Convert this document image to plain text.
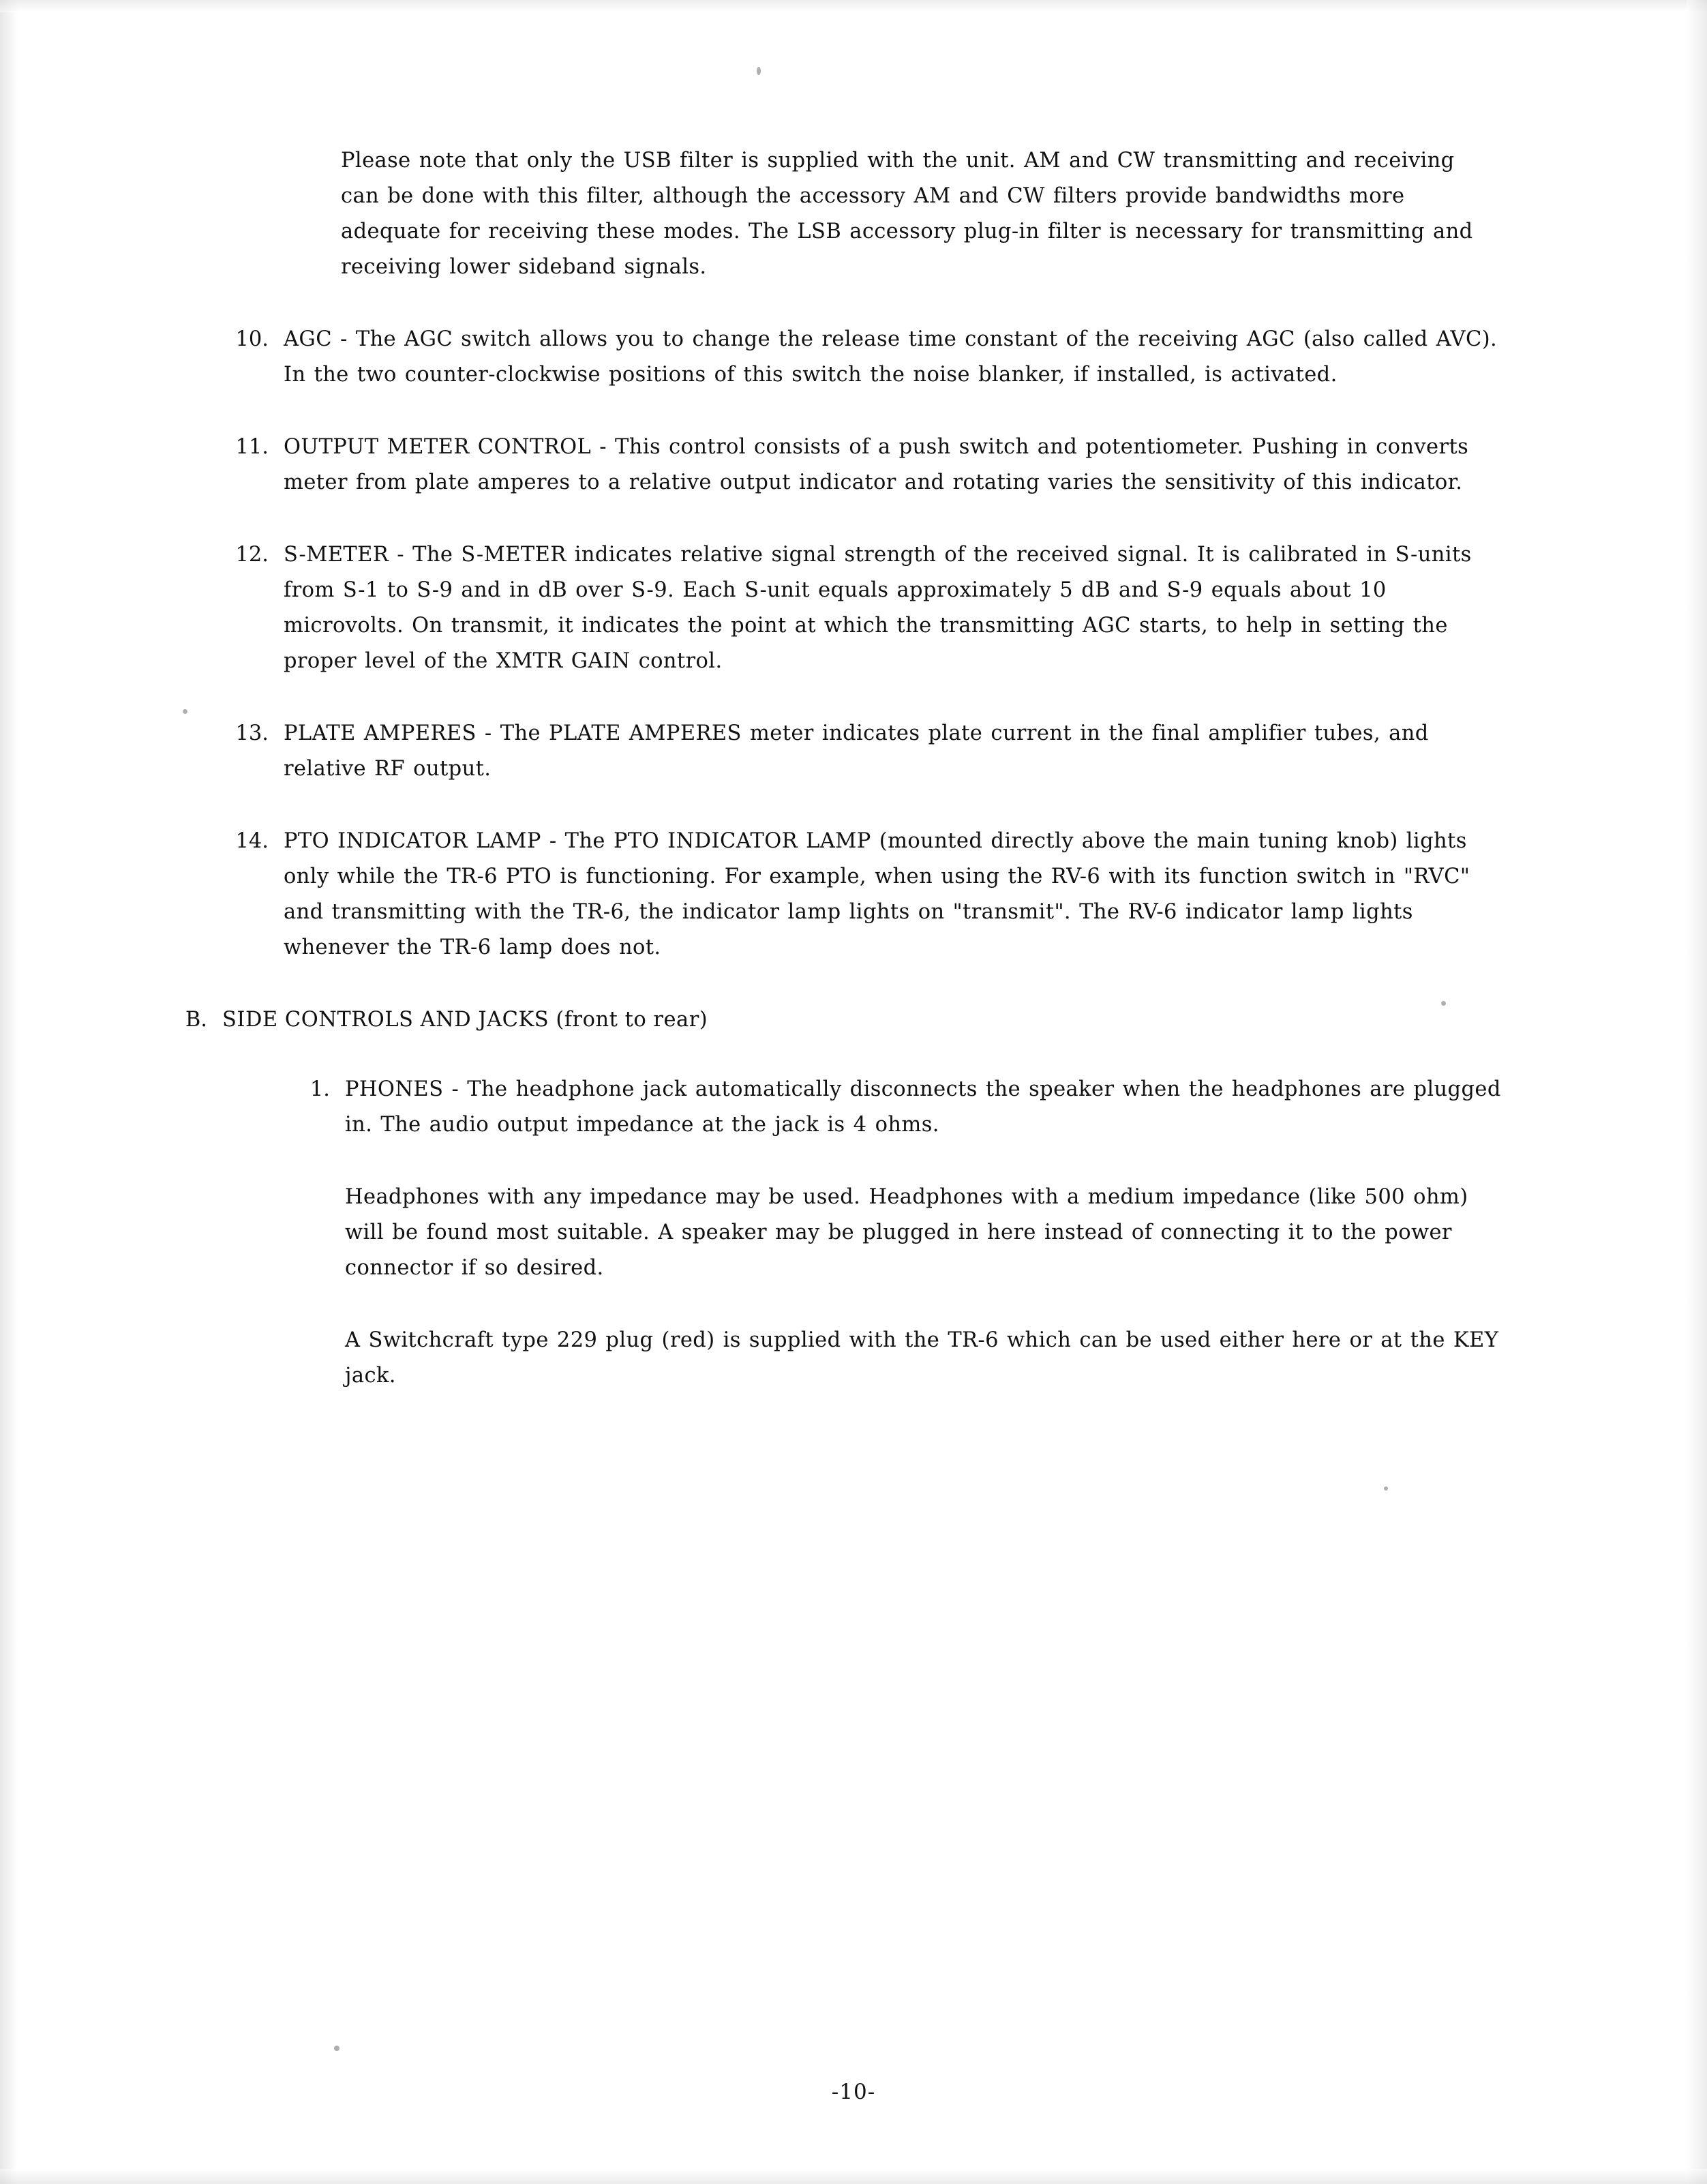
Please note that only the USB filter is supplied with the unit. AM and CW transmitting and receiving can be done with this filter, although the accessory AM and CW filters provide bandwidths more adequate for receiving these modes. The LSB accessory plug-in filter is necessary for transmitting and receiving lower sideband signals.

10. AGC - The AGC switch allows you to change the release time constant of the receiving AGC (also called AVC). In the two counter-clockwise positions of this switch the noise blanker, if installed, is activated.
11. OUTPUT METER CONTROL - This control consists of a push switch and potentiometer. Pushing in converts meter from plate amperes to a relative output indicator and rotating varies the sensitivity of this indicator.
12. S-METER - The S-METER indicates relative signal strength of the received signal. It is calibrated in S-units from S-1 to S-9 and in dB over S-9. Each S-unit equals approximately 5 dB and S-9 equals about 10 microvolts. On transmit, it indicates the point at which the transmitting AGC starts, to help in setting the proper level of the XMTR GAIN control.
13. PLATE AMPERES - The PLATE AMPERES meter indicates plate current in the final amplifier tubes, and relative RF output.
14. PTO INDICATOR LAMP - The PTO INDICATOR LAMP (mounted directly above the main tuning knob) lights only while the TR-6 PTO is functioning. For example, when using the RV-6 with its function switch in "RVC" and transmitting with the TR-6, the indicator lamp lights on "transmit". The RV-6 indicator lamp lights whenever the TR-6 lamp does not.
B. SIDE CONTROLS AND JACKS (front to rear)
1. PHONES - The headphone jack automatically disconnects the speaker when the headphones are plugged in. The audio output impedance at the jack is 4 ohms.

Headphones with any impedance may be used. Headphones with a medium impedance (like 500 ohm) will be found most suitable. A speaker may be plugged in here instead of connecting it to the power connector if so desired.

A Switchcraft type 229 plug (red) is supplied with the TR-6 which can be used either here or at the KEY jack.

-10-
